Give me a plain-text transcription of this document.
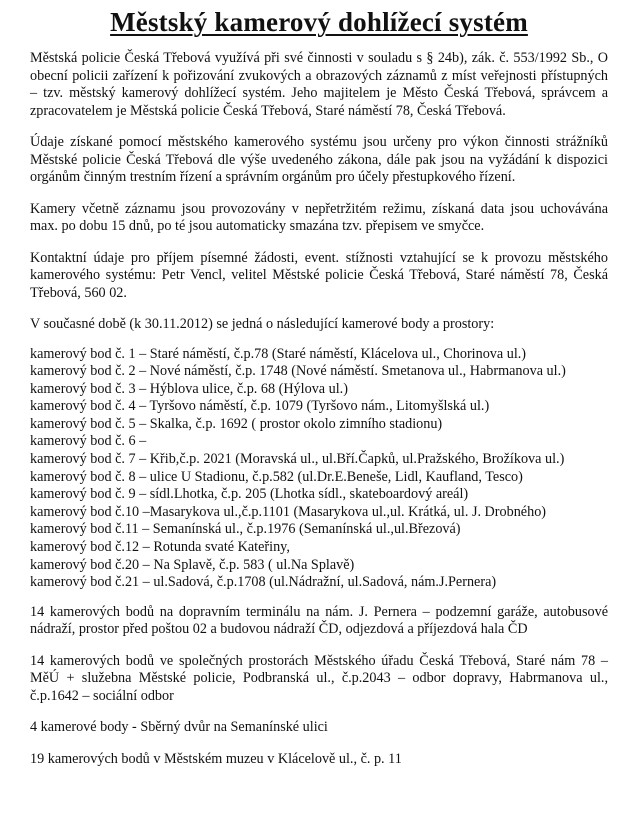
Městský kamerový dohlížecí systém

Městská policie Česká Třebová využívá při své činnosti v souladu s § 24b), zák. č. 553/1992 Sb., O obecní policii zařízení k pořizování zvukových a obrazových záznamů z míst veřejnosti přístupných – tzv. městský kamerový dohlížecí systém. Jeho majitelem je Město Česká Třebová, správcem a zpracovatelem je Městská policie Česká Třebová, Staré náměstí 78, Česká Třebová.

Údaje získané pomocí městského kamerového systému jsou určeny pro výkon činnosti strážníků Městské policie Česká Třebová dle výše uvedeného zákona, dále pak jsou na vyžádání k dispozici orgánům činným trestním řízení a správním orgánům pro účely přestupkového řízení.

Kamery včetně záznamu jsou provozovány v nepřetržitém režimu, získaná data jsou uchovávána max. po dobu 15 dnů, po té jsou automaticky smazána tzv. přepisem ve smyčce.

Kontaktní údaje pro příjem písemné žádosti, event. stížnosti vztahující se k provozu městského kamerového systému: Petr Vencl, velitel Městské policie Česká Třebová, Staré náměstí 78, Česká Třebová, 560 02.

V současné době (k 30.11.2012) se jedná o následující kamerové body a prostory:

kamerový bod č. 1 – Staré náměstí, č.p.78 (Staré náměstí, Klácelova ul., Chorinova ul.)
kamerový bod č. 2 – Nové náměstí, č.p. 1748 (Nové náměstí. Smetanova ul., Habrmanova ul.)
kamerový bod č. 3 – Hýblova ulice, č.p. 68 (Hýlova ul.)
kamerový bod č. 4 – Tyršovo náměstí, č.p. 1079 (Tyršovo nám., Litomyšlská ul.)
kamerový bod č. 5 – Skalka, č.p. 1692 ( prostor okolo zimního stadionu)
kamerový bod č. 6 –
kamerový bod č. 7 – Křib,č.p. 2021 (Moravská ul., ul.Bří.Čapků, ul.Pražského, Brožíkova ul.)
kamerový bod č. 8 – ulice U Stadionu, č.p.582 (ul.Dr.E.Beneše, Lidl, Kaufland, Tesco)
kamerový bod č. 9 – sídl.Lhotka, č.p. 205 (Lhotka sídl., skateboardový areál)
kamerový bod č.10 –Masarykova ul.,č.p.1101 (Masarykova ul.,ul. Krátká, ul. J. Drobného)
kamerový bod č.11 – Semanínská ul., č.p.1976 (Semanínská ul.,ul.Březová)
kamerový bod č.12 – Rotunda svaté Kateřiny,
kamerový bod č.20 – Na Splavě, č.p. 583 ( ul.Na Splavě)
kamerový bod č.21 – ul.Sadová, č.p.1708 (ul.Nádražní, ul.Sadová, nám.J.Pernera)

14 kamerových bodů na dopravním terminálu na nám. J. Pernera – podzemní garáže, autobusové nádraží, prostor před poštou 02 a budovou nádraží ČD, odjezdová a příjezdová hala ČD

14 kamerových bodů ve společných prostorách Městského úřadu Česká Třebová, Staré nám 78 – MěÚ + služebna Městské policie, Podbranská ul., č.p.2043 – odbor dopravy, Habrmanova ul., č.p.1642 – sociální odbor

4 kamerové body - Sběrný dvůr na Semanínské ulici

19 kamerových bodů v Městském muzeu v Klácelově ul., č. p. 11
